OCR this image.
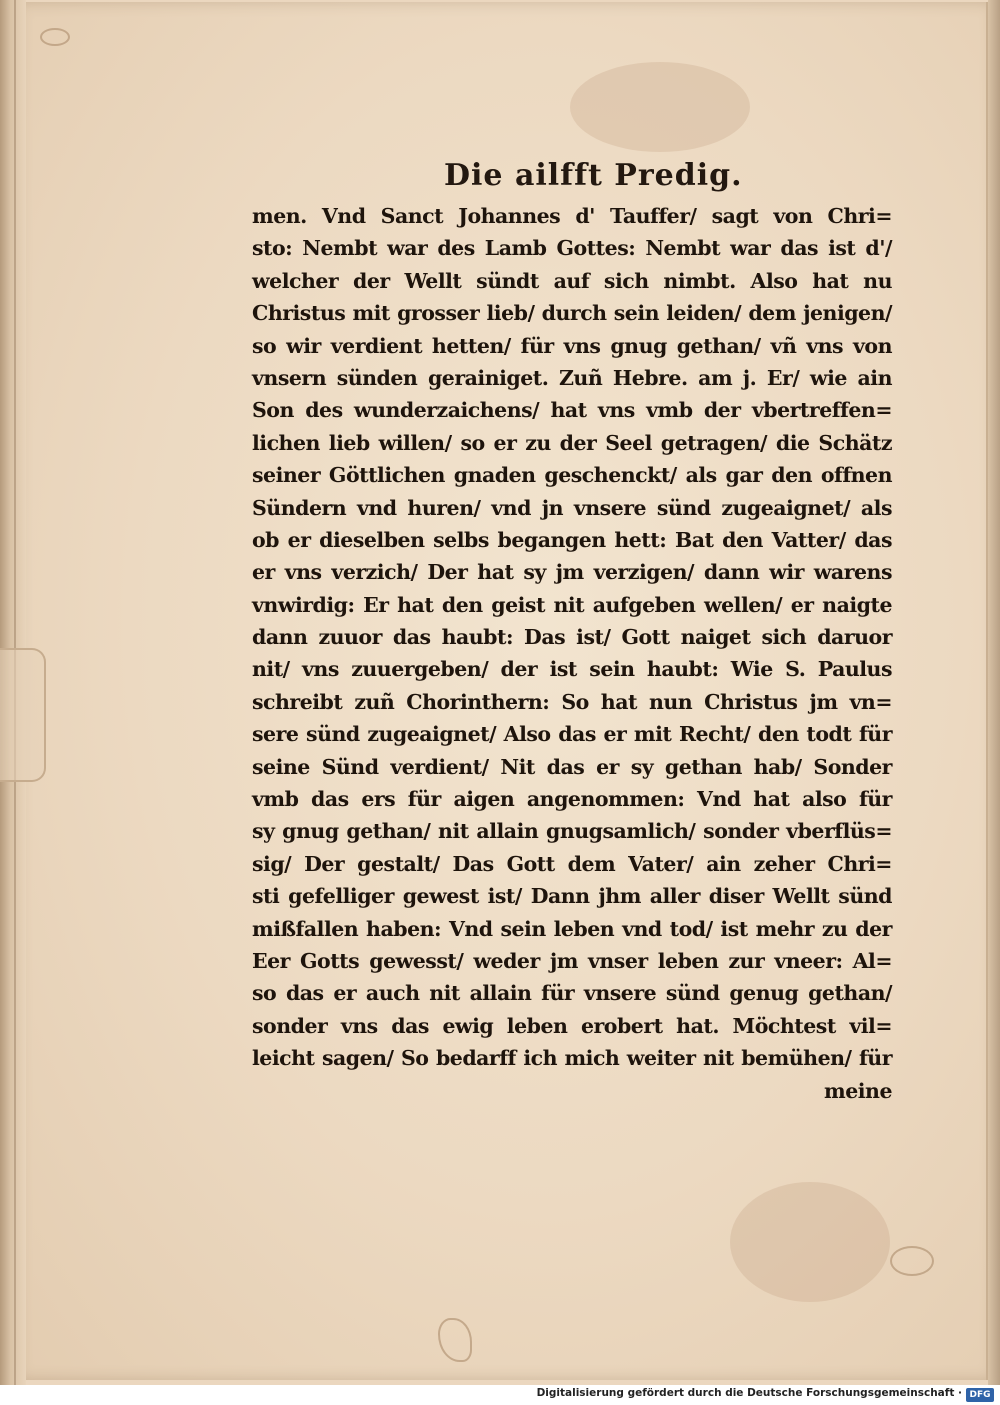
Die ailfft Predig.
men. Vnd Sanct Johannes d' Tauffer/ sagt von Chri=
sto: Nembt war des Lamb Gottes: Nembt war das ist d'/
welcher der Wellt sündt auf sich nimbt. Also hat nu
Christus mit grosser lieb/ durch sein leiden/ dem jenigen/
so wir verdient hetten/ für vns gnug gethan/ vñ vns von
vnsern sünden gerainiget. Zuñ Hebre. am j. Er/ wie ain
Son des wunderzaichens/ hat vns vmb der vbertreffen=
lichen lieb willen/ so er zu der Seel getragen/ die Schätz
seiner Göttlichen gnaden geschenckt/ als gar den offnen
Sündern vnd huren/ vnd jn vnsere sünd zugeaignet/ als
ob er dieselben selbs begangen hett: Bat den Vatter/ das
er vns verzich/ Der hat sy jm verzigen/ dann wir warens
vnwirdig: Er hat den geist nit aufgeben wellen/ er naigte
dann zuuor das haubt: Das ist/ Gott naiget sich daruor
nit/ vns zuuergeben/ der ist sein haubt: Wie S. Paulus
schreibt zuñ Chorinthern: So hat nun Christus jm vn=
sere sünd zugeaignet/ Also das er mit Recht/ den todt für
seine Sünd verdient/ Nit das er sy gethan hab/ Sonder
vmb das ers für aigen angenommen: Vnd hat also für
sy gnug gethan/ nit allain gnugsamlich/ sonder vberflüs=
sig/ Der gestalt/ Das Gott dem Vater/ ain zeher Chri=
sti gefelliger gewest ist/ Dann jhm aller diser Wellt sünd
mißfallen haben: Vnd sein leben vnd tod/ ist mehr zu der
Eer Gotts gewesst/ weder jm vnser leben zur vneer: Al=
so das er auch nit allain für vnsere sünd genug gethan/
sonder vns das ewig leben erobert hat. Möchtest vil=
leicht sagen/ So bedarff ich mich weiter nit bemühen/ für
meine
Digitalisierung gefördert durch die Deutsche Forschungsgemeinschaft · DFG
